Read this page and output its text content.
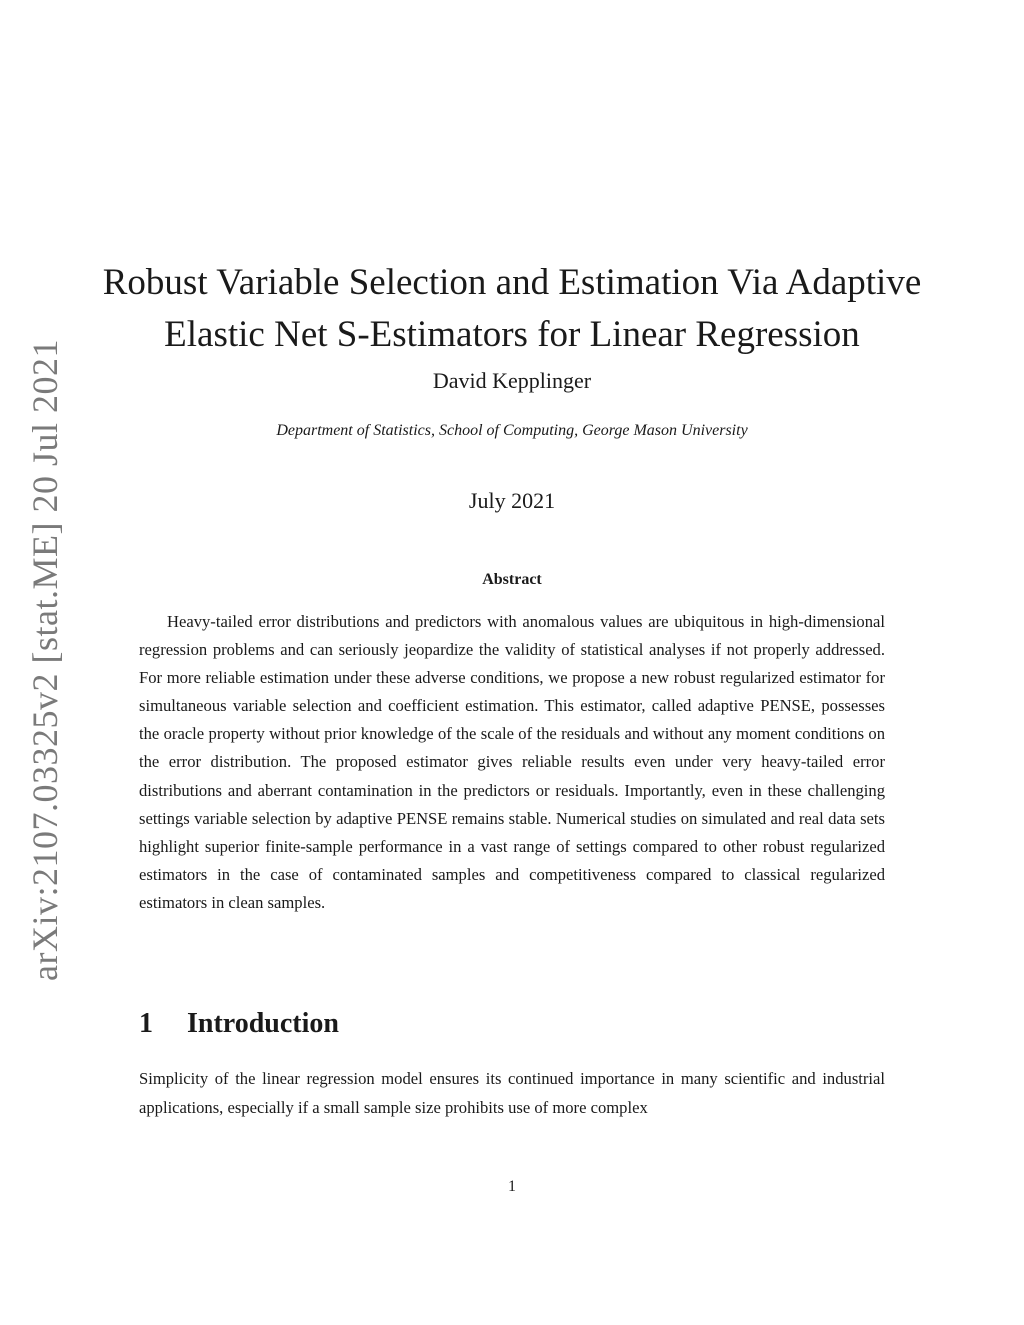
arXiv:2107.03325v2 [stat.ME] 20 Jul 2021
Robust Variable Selection and Estimation Via Adaptive
Elastic Net S-Estimators for Linear Regression
David Kepplinger
Department of Statistics, School of Computing, George Mason University
July 2021
Abstract

Heavy-tailed error distributions and predictors with anomalous values are ubiquitous in high-dimensional regression problems and can seriously jeopardize the validity of statistical analyses if not properly addressed. For more reliable estimation under these adverse conditions, we propose a new robust regularized estimator for simultaneous variable selection and coefficient estimation. This estimator, called adaptive PENSE, possesses the oracle property without prior knowledge of the scale of the residuals and without any moment conditions on the error distribution. The proposed estimator gives reliable results even under very heavy-tailed error distributions and aberrant contamination in the predictors or residuals. Importantly, even in these challenging settings variable selection by adaptive PENSE remains stable. Numerical studies on simulated and real data sets highlight superior finite-sample performance in a vast range of settings compared to other robust regularized estimators in the case of contaminated samples and competitiveness compared to classical regularized estimators in clean samples.

1 Introduction

Simplicity of the linear regression model ensures its continued importance in many scientific and industrial applications, especially if a small sample size prohibits use of more complex

1
